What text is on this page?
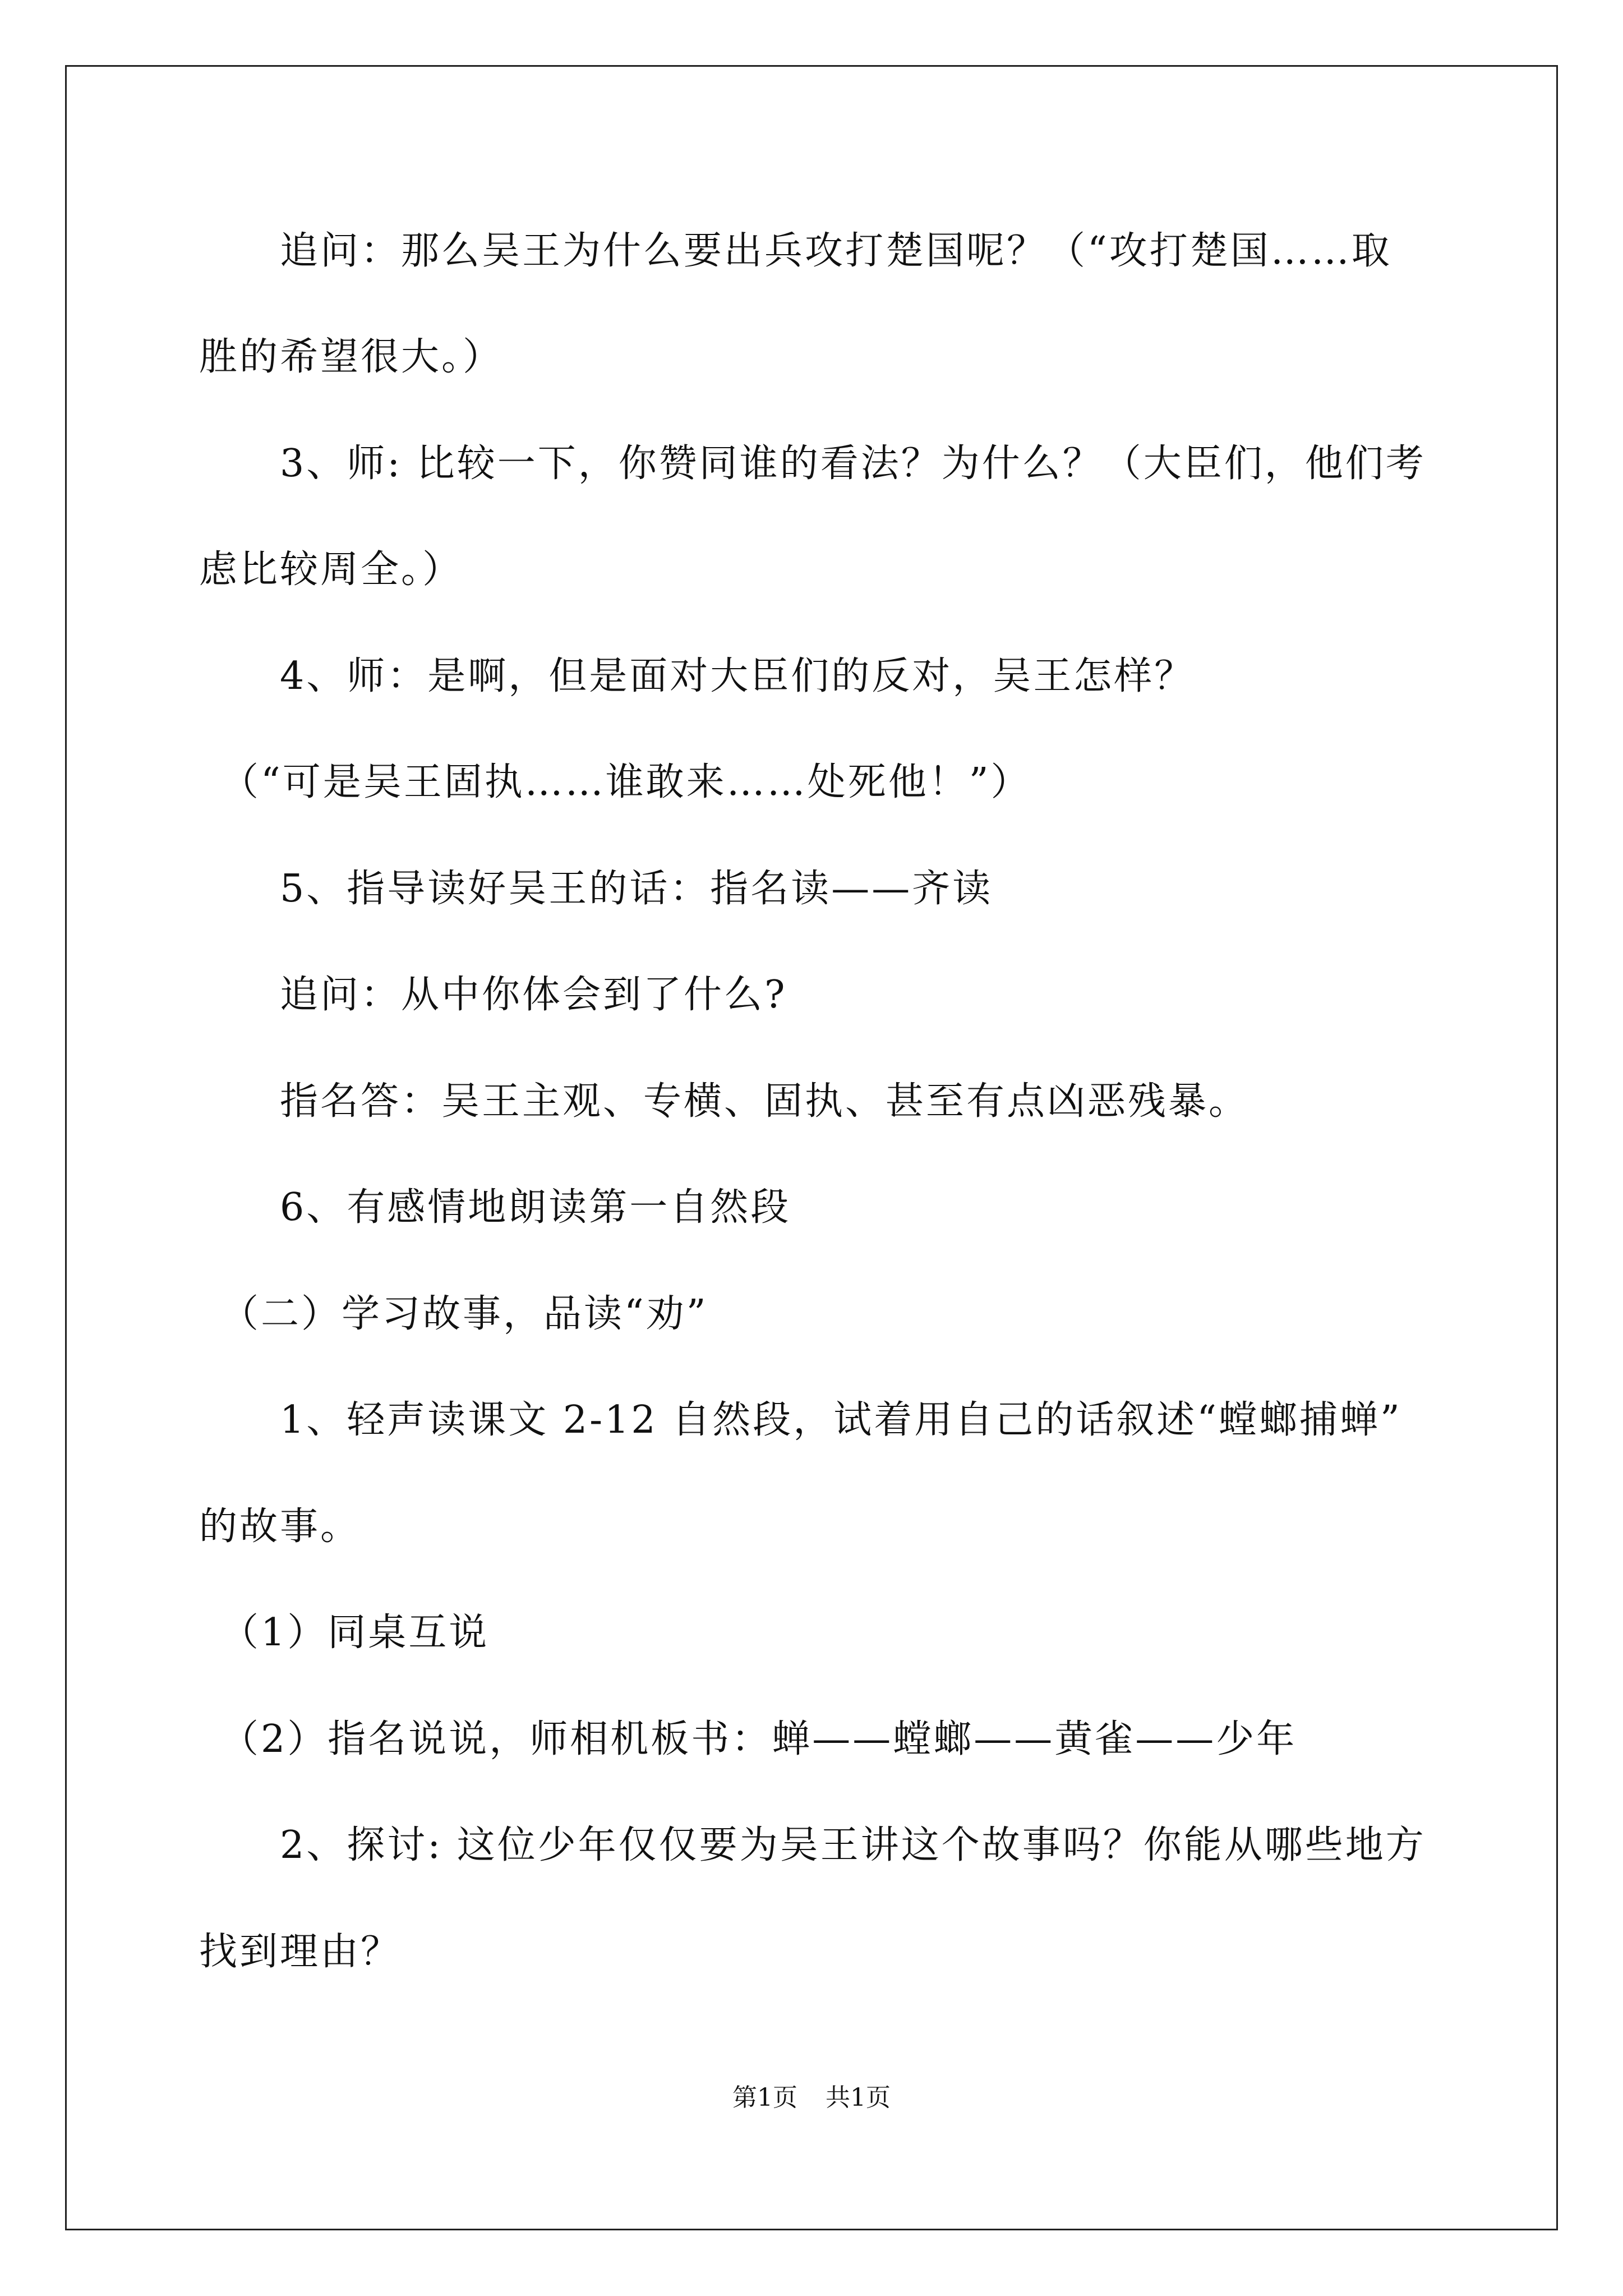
　　追问：那么吴王为什么要出兵攻打楚国呢？（“攻打楚国……取
胜的希望很大。）
　　3、师: 比较一下，你赞同谁的看法？为什么？（大臣们，他们考
虑比较周全。）
　　4、师：是啊，但是面对大臣们的反对，吴王怎样？
　（“可是吴王固执……谁敢来……处死他！”）
　　5、指导读好吴王的话：指名读——齐读
　　追问：从中你体会到了什么?
　　指名答：吴王主观、专横、固执、甚至有点凶恶残暴。
　　6、有感情地朗读第一自然段
　（二）学习故事，品读“劝”
　　1、轻声读课文 2-12 自然段，试着用自己的话叙述“螳螂捕蝉”
的故事。
　（1）同桌互说
　（2）指名说说，师相机板书：蝉——螳螂——黄雀——少年
　　2、探讨: 这位少年仅仅要为吴王讲这个故事吗？你能从哪些地方
找到理由？
第1页 共1页
